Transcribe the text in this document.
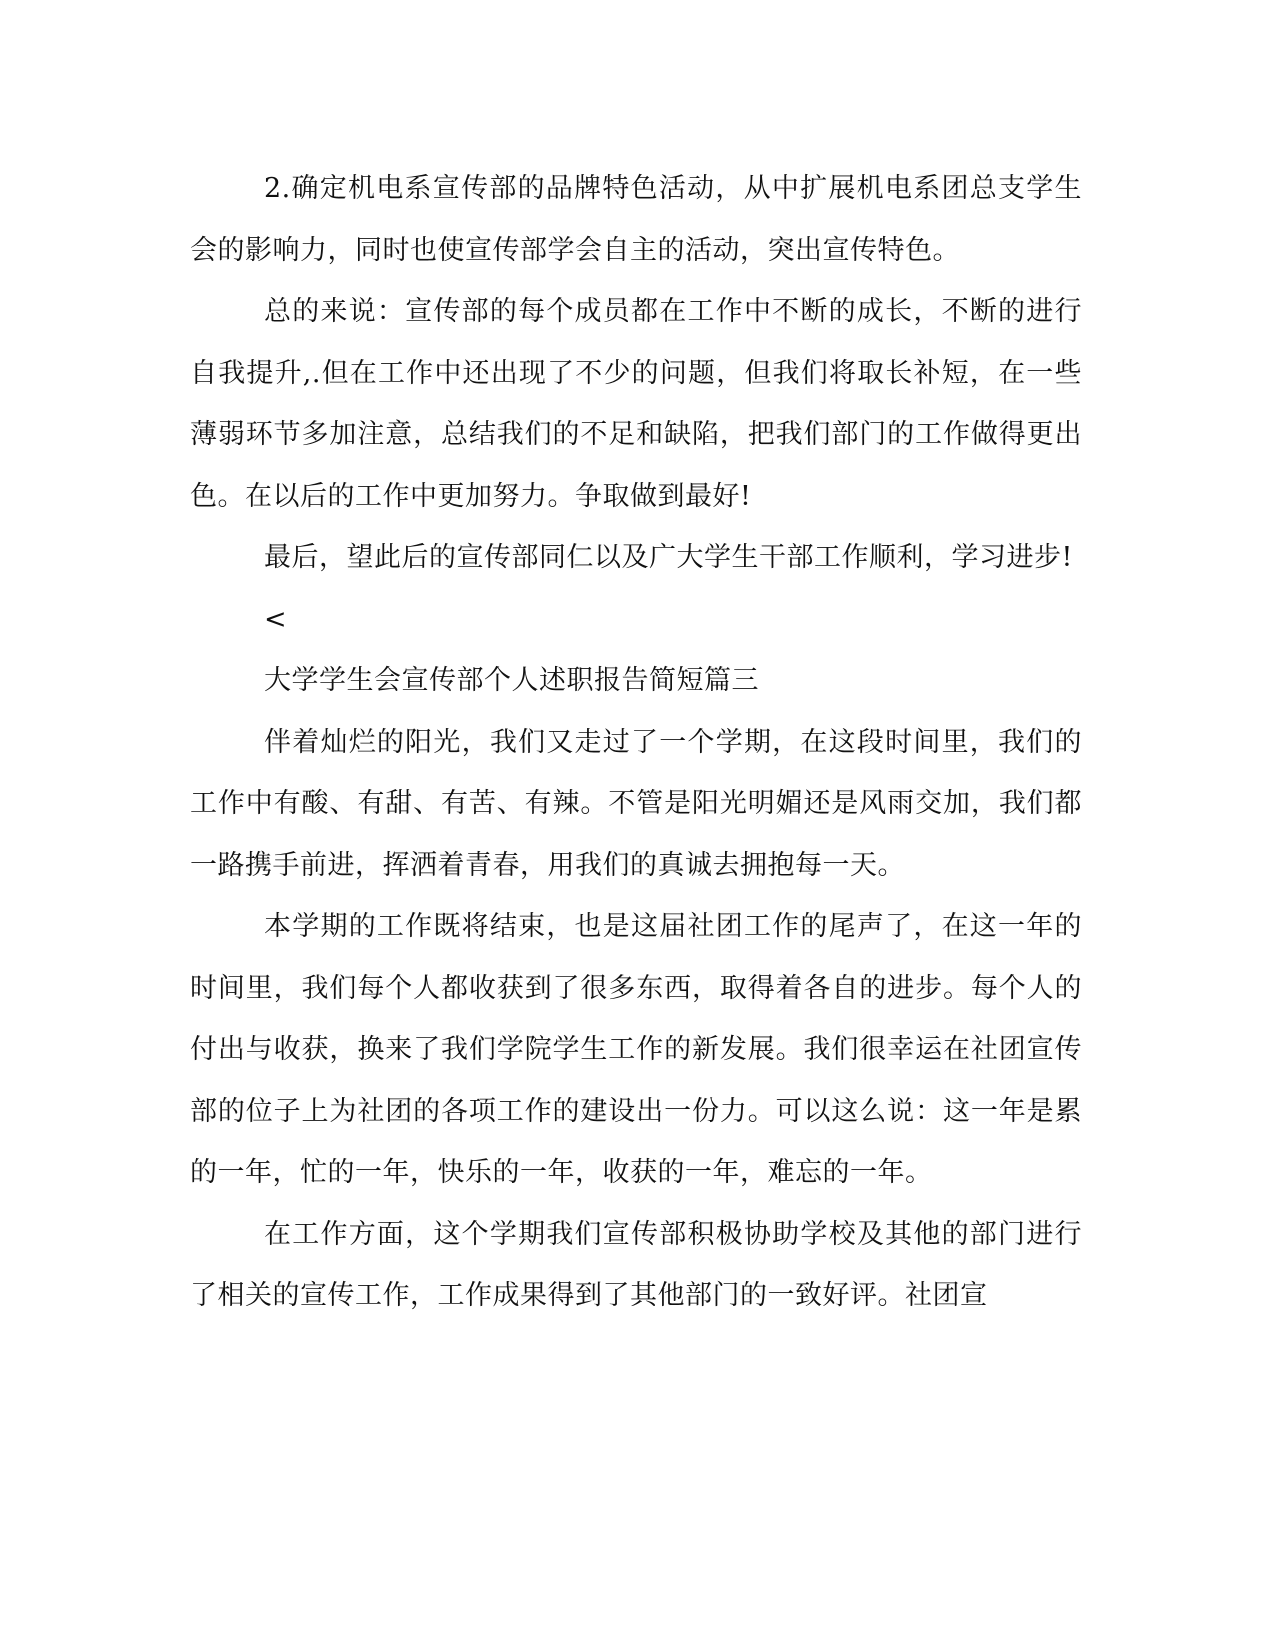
2.确定机电系宣传部的品牌特色活动，从中扩展机电系团总支学生会的影响力，同时也使宣传部学会自主的活动，突出宣传特色。

总的来说：宣传部的每个成员都在工作中不断的成长，不断的进行自我提升,.但在工作中还出现了不少的问题，但我们将取长补短，在一些薄弱环节多加注意，总结我们的不足和缺陷，把我们部门的工作做得更出色。在以后的工作中更加努力。争取做到最好!

最后，望此后的宣传部同仁以及广大学生干部工作顺利，学习进步!

<

大学学生会宣传部个人述职报告简短篇三

伴着灿烂的阳光，我们又走过了一个学期，在这段时间里，我们的工作中有酸、有甜、有苦、有辣。不管是阳光明媚还是风雨交加，我们都一路携手前进，挥洒着青春，用我们的真诚去拥抱每一天。

本学期的工作既将结束，也是这届社团工作的尾声了，在这一年的时间里，我们每个人都收获到了很多东西，取得着各自的进步。每个人的付出与收获，换来了我们学院学生工作的新发展。我们很幸运在社团宣传部的位子上为社团的各项工作的建设出一份力。可以这么说：这一年是累的一年，忙的一年，快乐的一年，收获的一年，难忘的一年。

在工作方面，这个学期我们宣传部积极协助学校及其他的部门进行了相关的宣传工作，工作成果得到了其他部门的一致好评。社团宣
